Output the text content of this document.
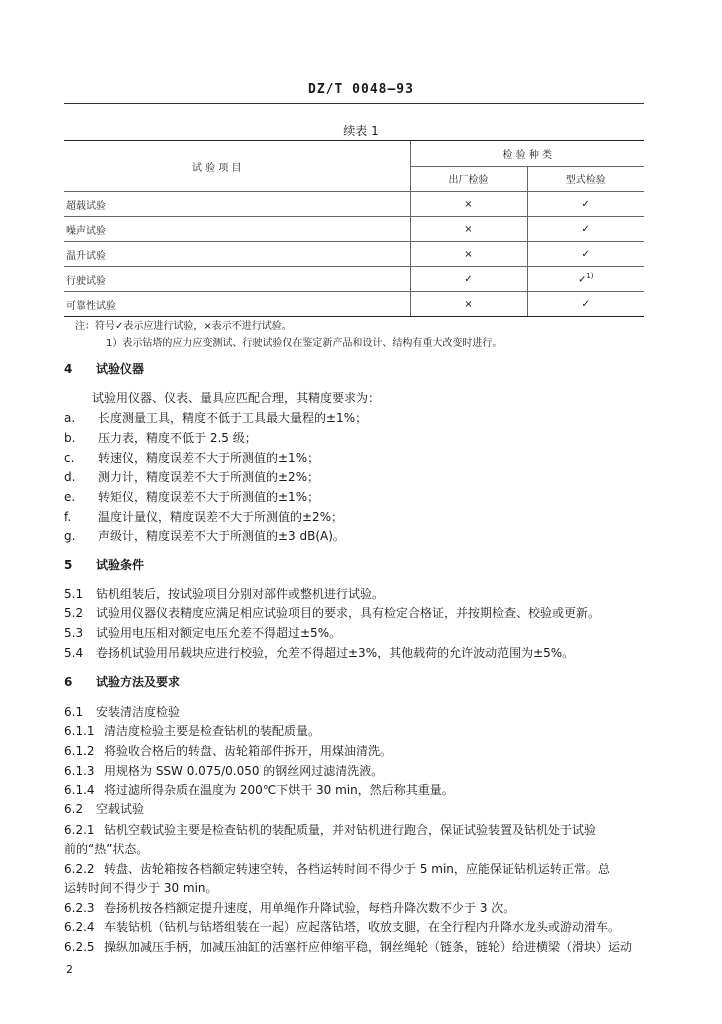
DZ/T 0048—93
续表 1
试 验 项 目	检 验 种 类	
	出厂检验	型式检验
超载试验	×	✓
噪声试验	×	✓
温升试验	×	✓
行驶试验	✓	✓$^{1)}$
可靠性试验	×	✓
注：符号✓表示应进行试验，×表示不进行试验。
1）表示钻塔的应力应变测试、行驶试验仅在鉴定新产品和设计、结构有重大改变时进行。
4 试验仪器
试验用仪器、仪表、量具应匹配合理，其精度要求为：
a. 长度测量工具，精度不低于工具最大量程的±1%；
b. 压力表，精度不低于 2.5 级；
c. 转速仪，精度误差不大于所测值的±1%；
d. 测力计，精度误差不大于所测值的±2%；
e. 转矩仪，精度误差不大于所测值的±1%；
f. 温度计量仪，精度误差不大于所测值的±2%；
g. 声级计，精度误差不大于所测值的±3 dB(A)。
5 试验条件
5.1 钻机组装后，按试验项目分别对部件或整机进行试验。
5.2 试验用仪器仪表精度应满足相应试验项目的要求，具有检定合格证，并按期检查、校验或更新。
5.3 试验用电压相对额定电压允差不得超过±5%。
5.4 卷扬机试验用吊载块应进行校验，允差不得超过±3%，其他载荷的允许波动范围为±5%。
6 试验方法及要求
6.1 安装清洁度检验
6.1.1 清洁度检验主要是检查钻机的装配质量。
6.1.2 将验收合格后的转盘、齿轮箱部件拆开，用煤油清洗。
6.1.3 用规格为 SSW 0.075/0.050 的钢丝网过滤清洗液。
6.1.4 将过滤所得杂质在温度为 200℃下烘干 30 min，然后称其重量。
6.2 空载试验
6.2.1 钻机空载试验主要是检查钻机的装配质量，并对钻机进行跑合，保证试验装置及钻机处于试验
前的“热”状态。
6.2.2 转盘、齿轮箱按各档额定转速空转，各档运转时间不得少于 5 min，应能保证钻机运转正常。总
运转时间不得少于 30 min。
6.2.3 卷扬机按各档额定提升速度，用单绳作升降试验，每档升降次数不少于 3 次。
6.2.4 车装钻机（钻机与钻塔组装在一起）应起落钻塔，收放支腿，在全行程内升降水龙头或游动滑车。
6.2.5 操纵加减压手柄，加减压油缸的活塞杆应伸缩平稳，钢丝绳轮（链条，链轮）给进横梁（滑块）运动
2
